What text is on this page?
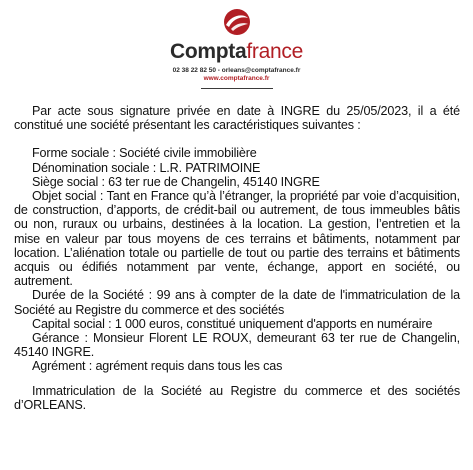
Comptafrance
02 38 22 82 50 - orleans@comptafrance.fr
www.comptafrance.fr

Par acte sous signature privée en date à INGRE du 25/05/2023, il a été constitué une société présentant les caractéristiques suivantes :

Forme sociale : Société civile immobilière

Dénomination sociale : L.R. PATRIMOINE

Siège social : 63 ter rue de Changelin, 45140 INGRE

Objet social : Tant en France qu’à l’étranger, la propriété par voie d’acquisition, de construction, d’apports, de crédit-bail ou autrement, de tous immeubles bâtis ou non, ruraux ou urbains, destinées à la location. La gestion, l’entretien et la mise en valeur par tous moyens de ces terrains et bâtiments, notamment par location. L’aliénation totale ou partielle de tout ou partie des terrains et bâtiments acquis ou édifiés notamment par vente, échange, apport en société, ou autrement.

Durée de la Société : 99 ans à compter de la date de l'immatriculation de la Société au Registre du commerce et des sociétés

Capital social : 1 000 euros, constitué uniquement d'apports en numéraire

Gérance : Monsieur Florent LE ROUX, demeurant 63 ter rue de Changelin, 45140 INGRE.

Agrément : agrément requis dans tous les cas

Immatriculation de la Société au Registre du commerce et des sociétés d’ORLEANS.
